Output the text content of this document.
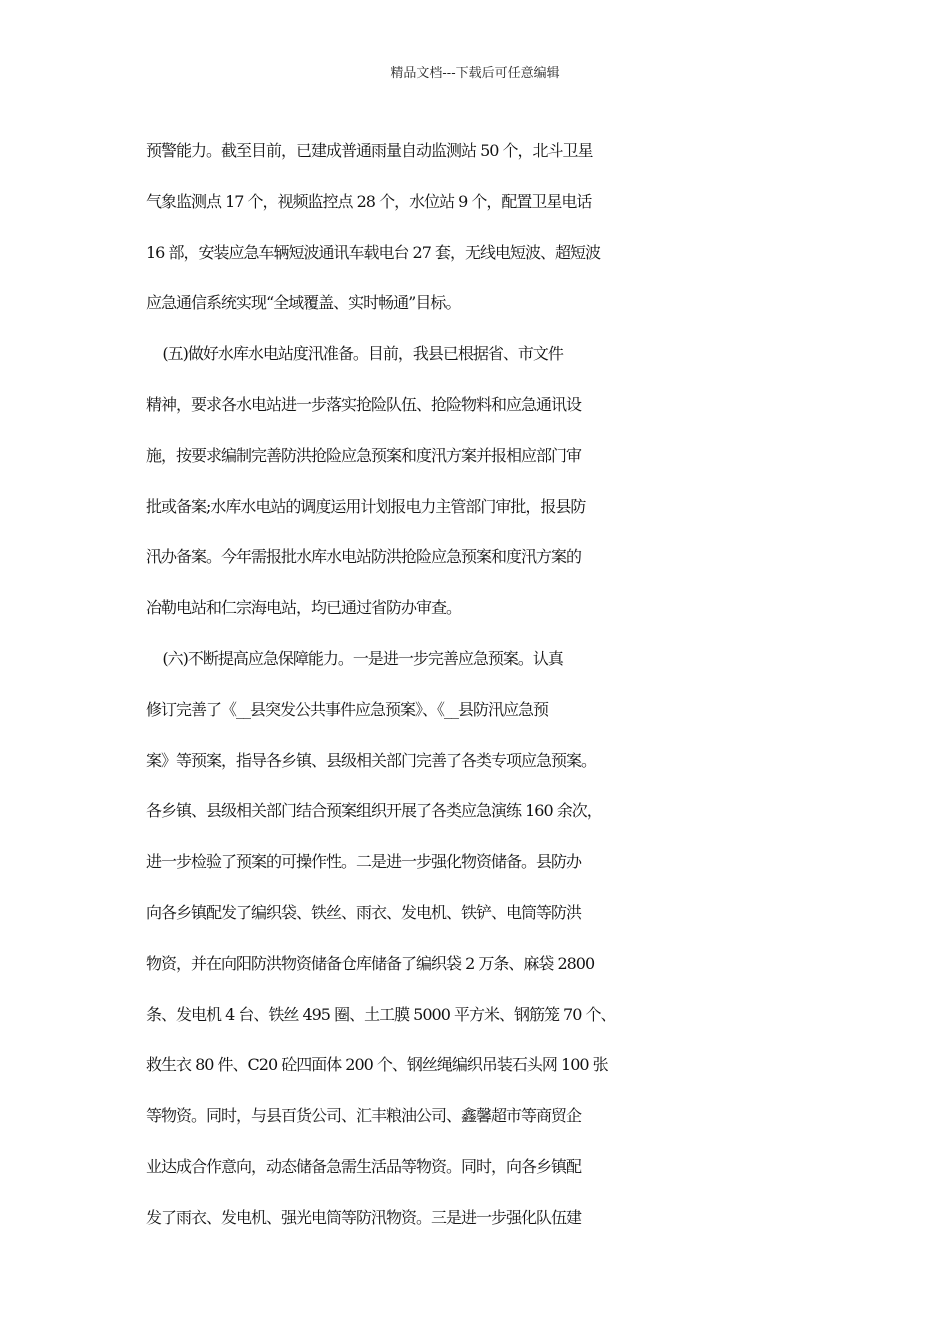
精品文档---下载后可任意编辑
预警能力。截至目前，已建成普通雨量自动监测站 50 个，北斗卫星
气象监测点 17 个，视频监控点 28 个，水位站 9 个，配置卫星电话
16 部，安装应急车辆短波通讯车载电台 27 套，无线电短波、超短波
应急通信系统实现“全域覆盖、实时畅通”目标。
(五)做好水库水电站度汛准备。目前，我县已根据省、市文件
精神，要求各水电站进一步落实抢险队伍、抢险物料和应急通讯设
施，按要求编制完善防洪抢险应急预案和度汛方案并报相应部门审
批或备案;水库水电站的调度运用计划报电力主管部门审批，报县防
汛办备案。今年需报批水库水电站防洪抢险应急预案和度汛方案的
冶勒电站和仁宗海电站，均已通过省防办审查。
(六)不断提高应急保障能力。一是进一步完善应急预案。认真
修订完善了《__县突发公共事件应急预案》、《__县防汛应急预
案》等预案，指导各乡镇、县级相关部门完善了各类专项应急预案。
各乡镇、县级相关部门结合预案组织开展了各类应急演练 160 余次，
进一步检验了预案的可操作性。二是进一步强化物资储备。县防办
向各乡镇配发了编织袋、铁丝、雨衣、发电机、铁铲、电筒等防洪
物资，并在向阳防洪物资储备仓库储备了编织袋 2 万条、麻袋 2800
条、发电机 4 台、铁丝 495 圈、土工膜 5000 平方米、钢筋笼 70 个、
救生衣 80 件、C20 砼四面体 200 个、钢丝绳编织吊装石头网 100 张
等物资。同时，与县百货公司、汇丰粮油公司、鑫馨超市等商贸企
业达成合作意向，动态储备急需生活品等物资。同时，向各乡镇配
发了雨衣、发电机、强光电筒等防汛物资。三是进一步强化队伍建
